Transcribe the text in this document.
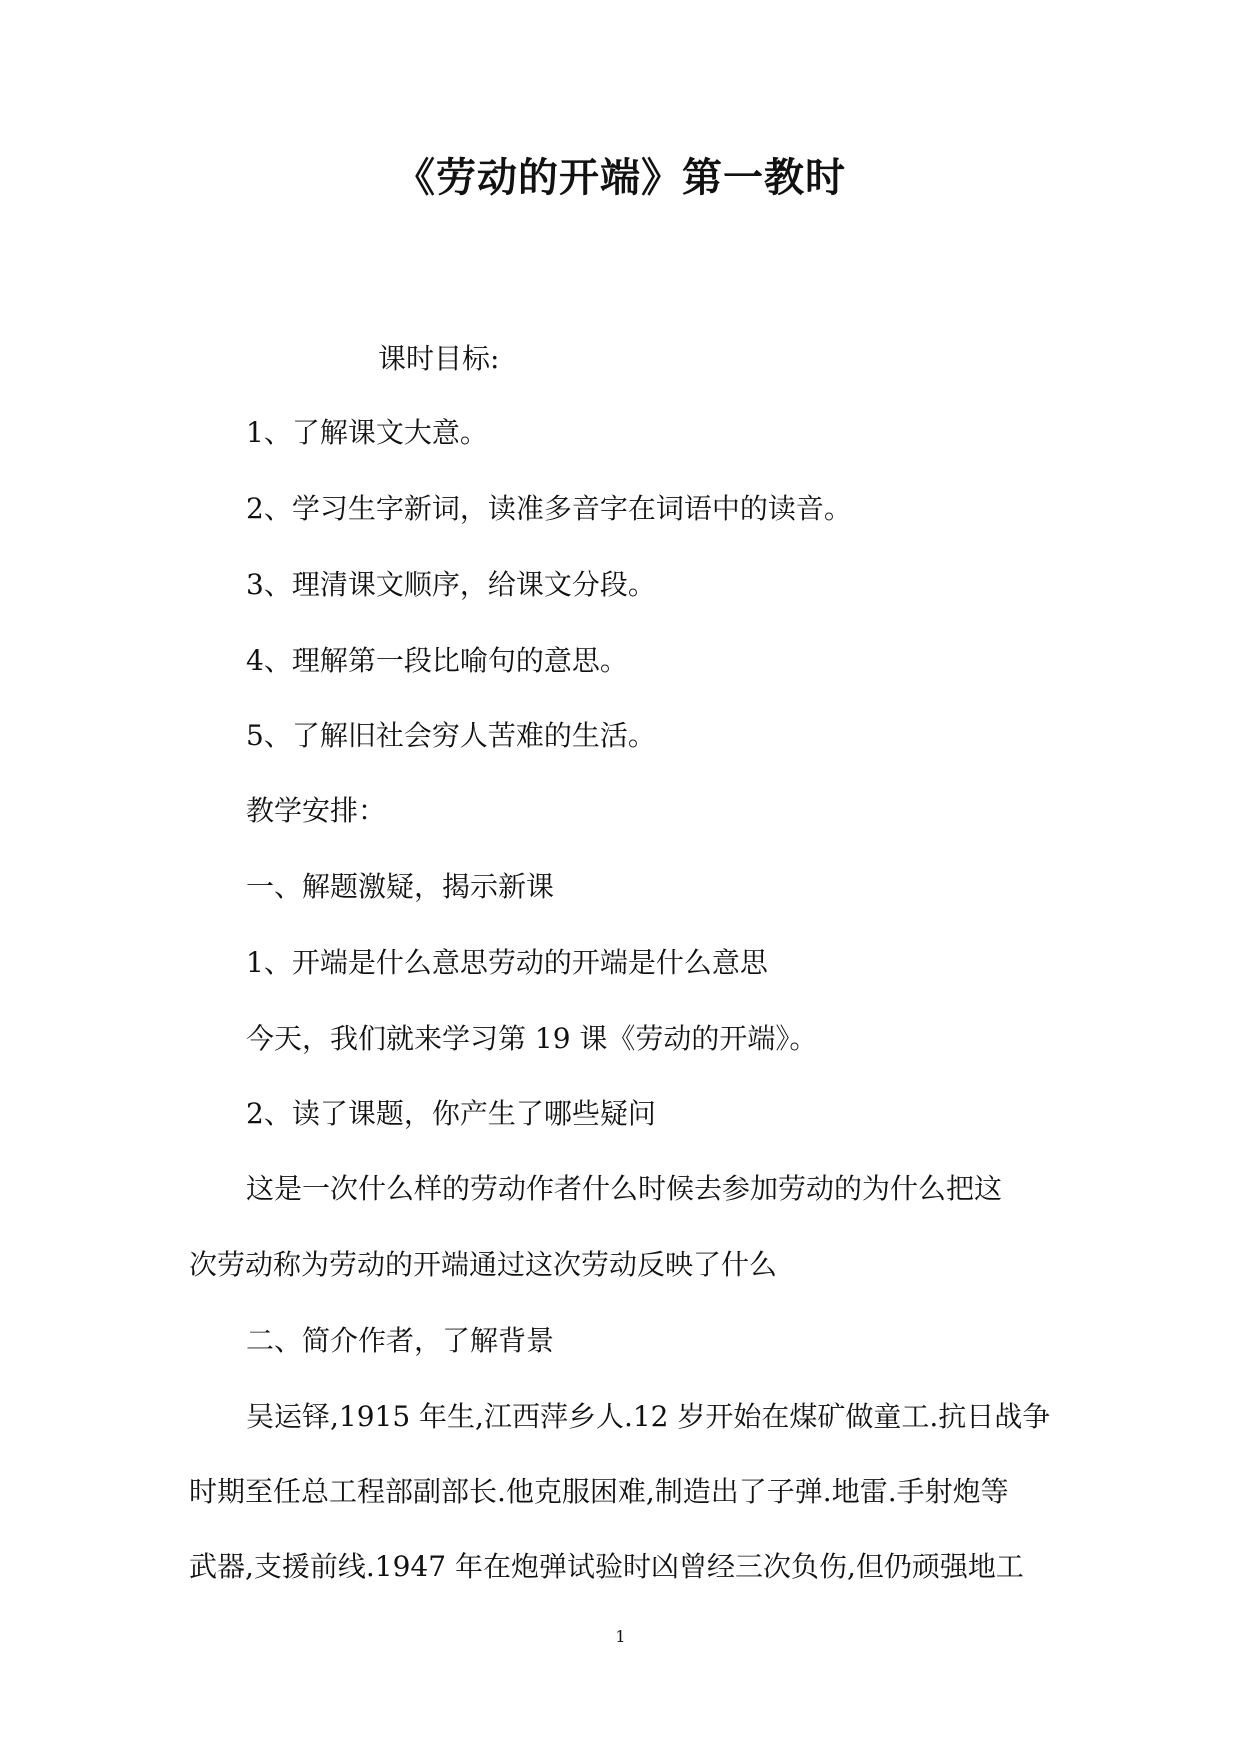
《劳动的开端》第一教时
课时目标:
1、了解课文大意。
2、学习生字新词，读准多音字在词语中的读音。
3、理清课文顺序，给课文分段。
4、理解第一段比喻句的意思。
5、了解旧社会穷人苦难的生活。
教学安排：
一、解题激疑，揭示新课
1、开端是什么意思劳动的开端是什么意思
今天，我们就来学习第 19 课《劳动的开端》。
2、读了课题，你产生了哪些疑问
这是一次什么样的劳动作者什么时候去参加劳动的为什么把这
次劳动称为劳动的开端通过这次劳动反映了什么
二、简介作者，了解背景
吴运铎,1915 年生,江西萍乡人.12 岁开始在煤矿做童工.抗日战争
时期至任总工程部副部长.他克服困难,制造出了子弹.地雷.手射炮等
武器,支援前线.1947 年在炮弹试验时凶曾经三次负伤,但仍顽强地工
1
